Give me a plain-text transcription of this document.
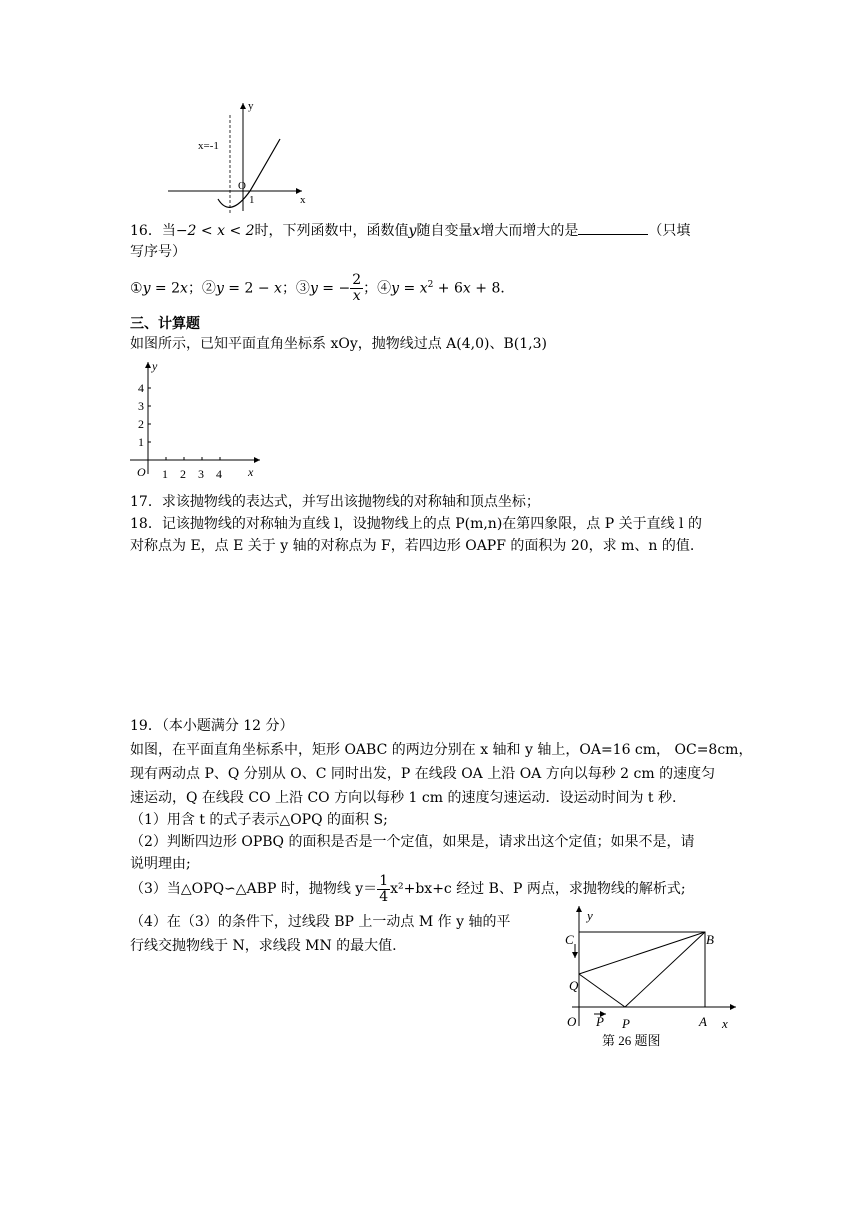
y
x
x=-1
O
1
16．当−2 < x < 2时，下列函数中，函数值y随自变量x增大而增大的是	（只填
写序号）
①y = 2x；②y = 2 − x；③y = − $\frac{2}{x}$ ；④y = $x^2 + 6x + 8$．
三、计算题
如图所示，已知平面直角坐标系 xOy，抛物线过点 A(4,0)、B(1,3)
y
x
O 1 2 3 4
4
3
2
1
17．求该抛物线的表达式，并写出该抛物线的对称轴和顶点坐标；
18．记该抛物线的对称轴为直线 l，设抛物线上的点 P(m,n)在第四象限，点 P 关于直线 l 的
对称点为 E，点 E 关于 y 轴的对称点为 F，若四边形 OAPF 的面积为 20，求 m、n 的值.
19．（本小题满分 12 分）
如图，在平面直角坐标系中，矩形 OABC 的两边分别在 x 轴和 y 轴上，OA=16 cm， OC=8cm，
现有两动点 P、Q 分别从 O、C 同时出发，P 在线段 OA 上沿 OA 方向以每秒 2 cm 的速度匀
速运动，Q 在线段 CO 上沿 CO 方向以每秒 1 cm 的速度匀速运动．设运动时间为 t 秒.
（1）用含 t 的式子表示△OPQ 的面积 S;
（2）判断四边形 OPBQ 的面积是否是一个定值，如果是，请求出这个定值；如果不是，请
说明理由;
（3）当△OPQ∽△ABP 时，抛物线 $y= \frac{1}{4} x^2+bx+c$ 经过 B、P 两点，求抛物线的解析式;
（4）在（3）的条件下，过线段 BP 上一动点 M 作 y 轴的平
行线交抛物线于 N，求线段 MN 的最大值.
y
x
C	B
Q
O P P	A
第 26 题图
